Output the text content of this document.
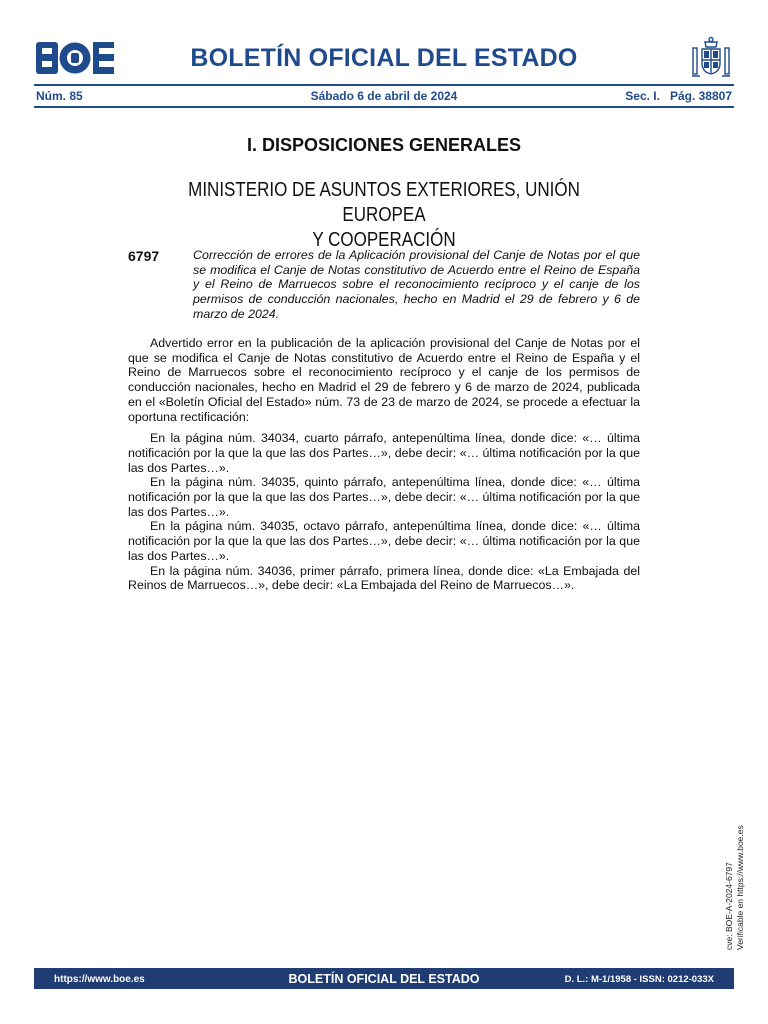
BOLETÍN OFICIAL DEL ESTADO
Núm. 85	Sábado 6 de abril de 2024	Sec. I.   Pág. 38807
I. DISPOSICIONES GENERALES
MINISTERIO DE ASUNTOS EXTERIORES, UNIÓN EUROPEA
Y COOPERACIÓN
6797	Corrección de errores de la Aplicación provisional del Canje de Notas por el que se modifica el Canje de Notas constitutivo de Acuerdo entre el Reino de España y el Reino de Marruecos sobre el reconocimiento recíproco y el canje de los permisos de conducción nacionales, hecho en Madrid el 29 de febrero y 6 de marzo de 2024.

Advertido error en la publicación de la aplicación provisional del Canje de Notas por el que se modifica el Canje de Notas constitutivo de Acuerdo entre el Reino de España y el Reino de Marruecos sobre el reconocimiento recíproco y el canje de los permisos de conducción nacionales, hecho en Madrid el 29 de febrero y 6 de marzo de 2024, publicada en el «Boletín Oficial del Estado» núm. 73 de 23 de marzo de 2024, se procede a efectuar la oportuna rectificación:

En la página núm. 34034, cuarto párrafo, antepenúltima línea, donde dice: «… última notificación por la que la que las dos Partes…», debe decir: «… última notificación por la que las dos Partes…».

En la página núm. 34035, quinto párrafo, antepenúltima línea, donde dice: «… última notificación por la que la que las dos Partes…», debe decir: «… última notificación por la que las dos Partes…».

En la página núm. 34035, octavo párrafo, antepenúltima línea, donde dice: «… última notificación por la que la que las dos Partes…», debe decir: «… última notificación por la que las dos Partes…».

En la página núm. 34036, primer párrafo, primera línea, donde dice: «La Embajada del Reinos de Marruecos…», debe decir: «La Embajada del Reino de Marruecos…».

cve: BOE-A-2024-6797 Verificable en https://www.boe.es
https://www.boe.es	BOLETÍN OFICIAL DEL ESTADO	D. L.: M-1/1958 - ISSN: 0212-033X
